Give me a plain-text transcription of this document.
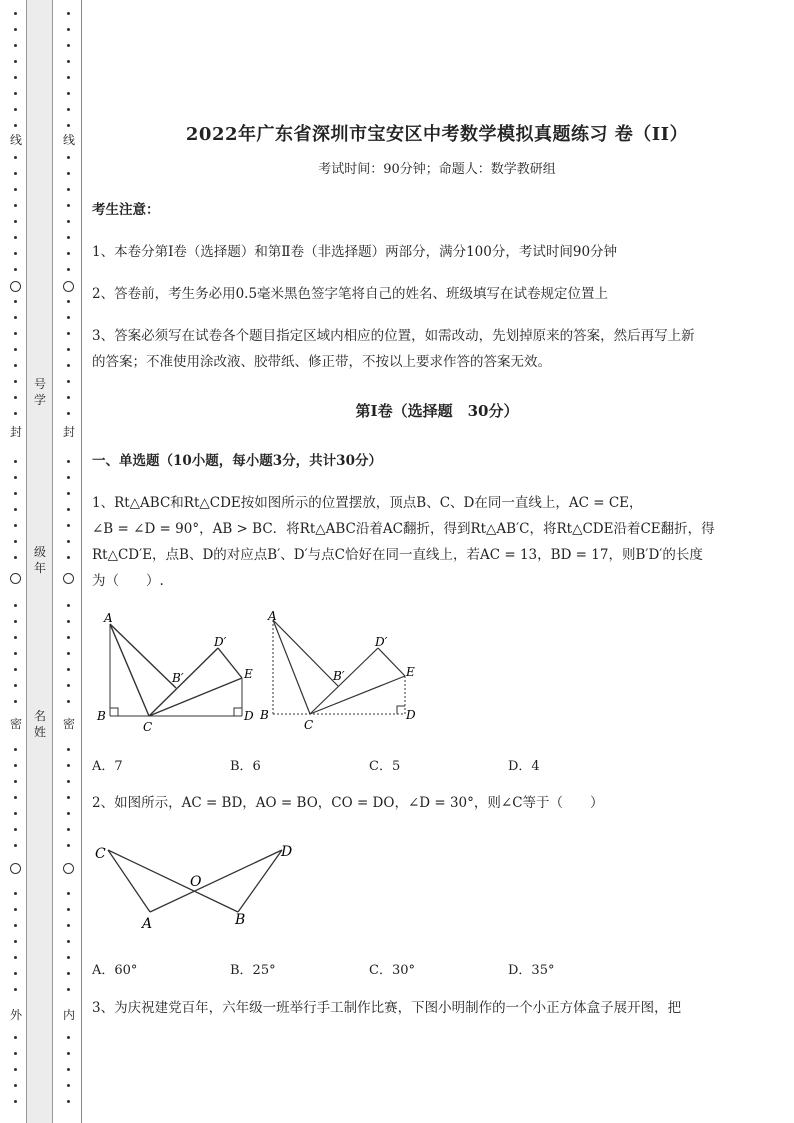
线
封
密
外
线
封
密
内
号学
级年
名姓
2022年广东省深圳市宝安区中考数学模拟真题练习 卷（II）
考试时间：90分钟；命题人：数学教研组
考生注意：
1、本卷分第I卷（选择题）和第Ⅱ卷（非选择题）两部分，满分100分，考试时间90分钟
2、答卷前，考生务必用0.5毫米黑色签字笔将自己的姓名、班级填写在试卷规定位置上
3、答案必须写在试卷各个题目指定区域内相应的位置，如需改动，先划掉原来的答案，然后再写上新
的答案；不准使用涂改液、胶带纸、修正带，不按以上要求作答的答案无效。
第I卷（选择题　30分）
一、单选题（10小题，每小题3分，共计30分）
1、Rt△ABC和Rt△CDE按如图所示的位置摆放，顶点B、C、D在同一直线上，AC = CE，
∠B = ∠D = 90°，AB > BC．将Rt△ABC沿着AC翻折，得到Rt△AB′C，将Rt△CDE沿着CE翻折，得
Rt△CD′E，点B、D的对应点B′、D′与点C恰好在同一直线上，若AC = 13，BD = 17，则B′D′的长度
为（　　）.
A
B′
D′
E
B
C
D
A
B′
D′
E
B
C
D
A．7	B．6	C．5	D．4
2、如图所示，AC = BD，AO = BO，CO = DO，∠D = 30°，则∠C等于（　　）
C
O
D
A	B
A．60°	B．25°	C．30°	D．35°
3、为庆祝建党百年，六年级一班举行手工制作比赛，下图小明制作的一个小正方体盒子展开图，把
